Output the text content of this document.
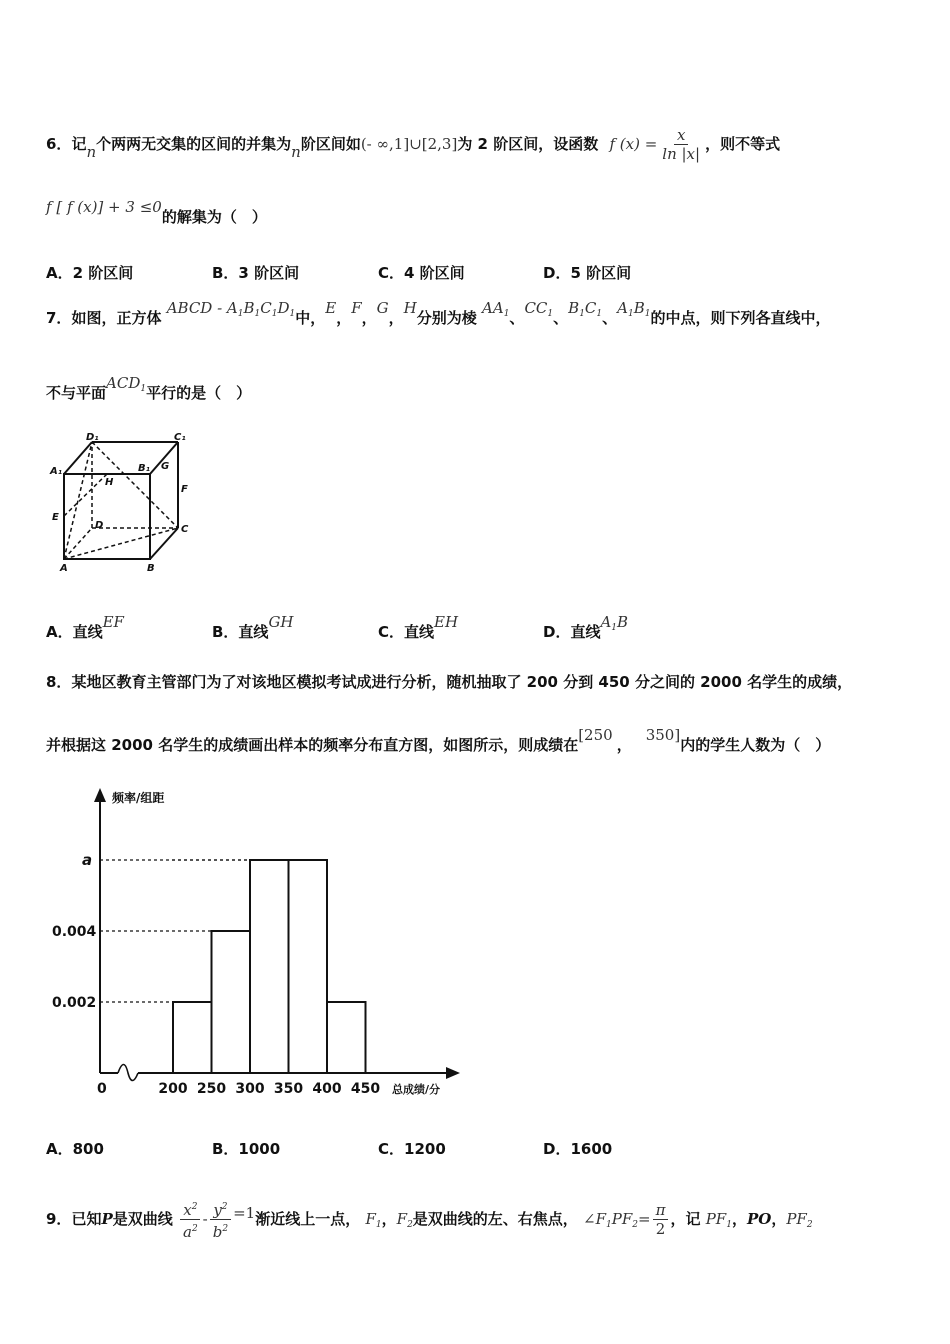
6．记n个两两无交集的区间的并集为n阶区间如(- ∞,1]∪[2,3]为 2 阶区间，设函数 f $(x) = \frac{x}{\ln |x|}$ ，则不等式
f [ f (x)] + 3 ≤0的解集为（　）
A．2 阶区间	B．3 阶区间	C．4 阶区间	D．5 阶区间
7．如图，正方体 ABCD - $A_1B_1C_1D_1$中，E，F，G，H分别为棱 $AA_1$、$CC_1$、$B_1C_1$、$A_1B_1$的中点，则下列各直线中，
不与平面$ACD_1$平行的是（　）
D₁	C₁
A₁	B₁ G
H
F
E
D	C
A	B
A．直线EF
B．直线GH
C．直线EH
D．直线$A_1B$
8．某地区教育主管部门为了对该地区模拟考试成进行分析，随机抽取了 200 分到 450 分之间的 2000 名学生的成绩，
并根据这 2000 名学生的成绩画出样本的频率分布直方图，如图所示，则成绩在[250，350]内的学生人数为（　）
0.002
0.004
a
0	200 250 300 350 400 450
频率/组距
总成绩/分
A．800	B．1000	C．1200	D．1600
9．已知P是双曲线 $\frac{x^2}{a^2} - \frac{y^2}{b^2} =1$渐近线上一点， $F_1$，$F_2$是双曲线的左、右焦点， $\angle F_1PF_2= \frac{\pi}{2}$ ，记 $PF_1$，PO，$PF_2$
